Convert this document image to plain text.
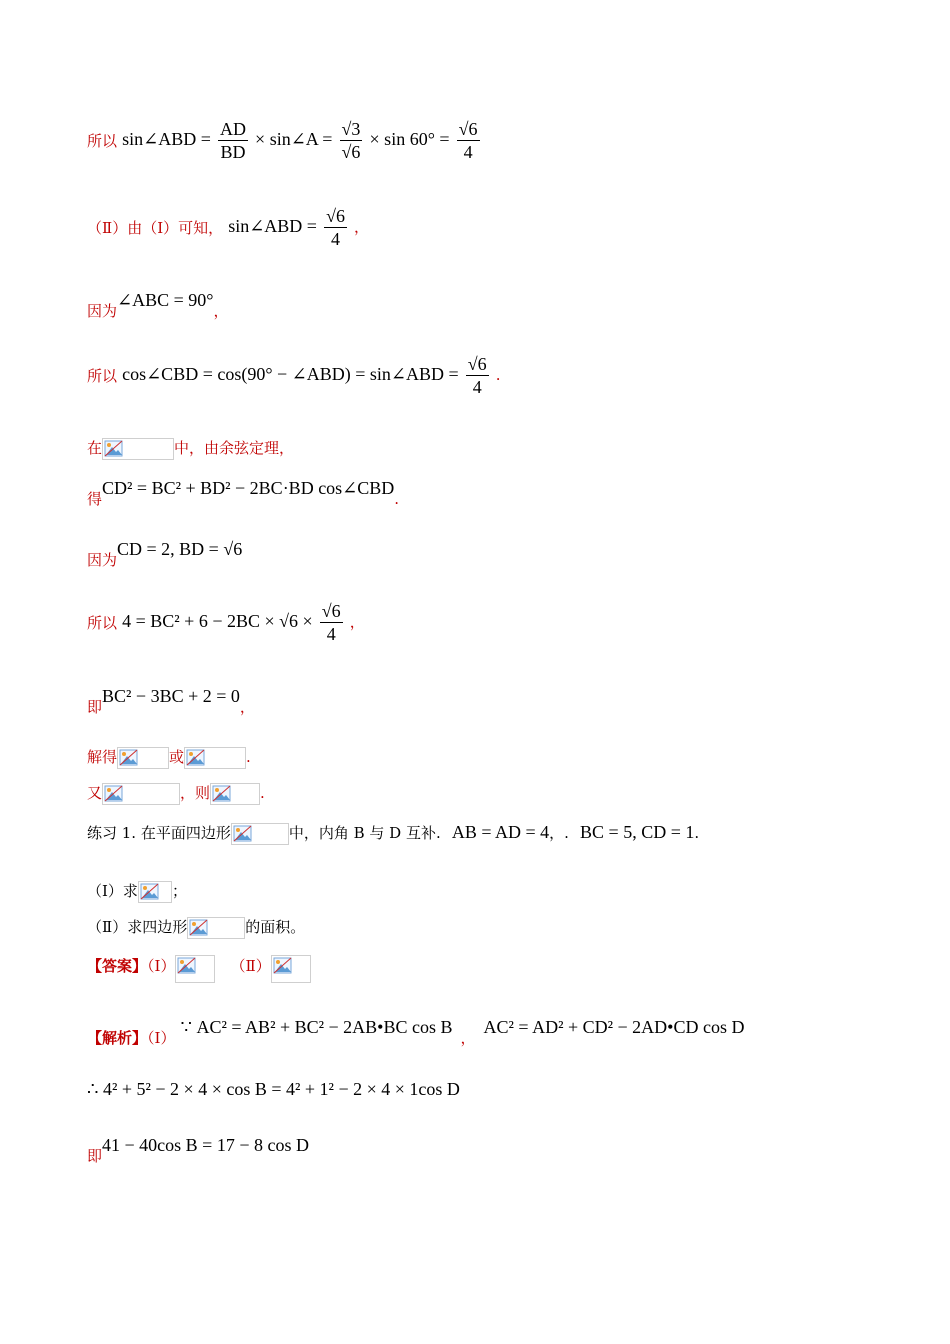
所以 sin∠ABD = $\frac{AD}{BD}$ × sin∠A = $\frac{√3}{√6} \times \sin 60^\circ = \frac{√6}{4}$
（Ⅱ）由（Ⅰ）可知， sin∠ABD = $\frac{√6}{4}$ ，
因为∠ABC = 90°，
所以 cos∠CBD = cos(90° − ∠ABD) = sin∠ABD = $\frac{√6}{4}$ .
在	中，由余弦定理，
得CD² = BC² + BD² − 2BC·BD cos∠CBD.
因为CD = 2, BD = √6
所以 $4 = BC^2 + 6 - 2BC \times √6 \times \frac{√6}{4}$ ，
即BC² − 3BC + 2 = 0，
解得	或	.
又	，则	.
练习 1. 在平面四边形	中，内角 B 与 D 互补. AB = AD = 4，. BC = 5, CD = 1.
（Ⅰ）求 ；
（Ⅱ）求四边形	的面积。
【答案】（Ⅰ）	（Ⅱ）
【解析】（Ⅰ） ∵ AC² = AB² + BC² − 2AB•BC cos B，AC² = AD² + CD² − 2AD•CD cos D
∴ 4² + 5² − 2 × 4 × cos B = 4² + 1² − 2 × 4 × 1cos D
即41 − 40cos B = 17 − 8 cos D
